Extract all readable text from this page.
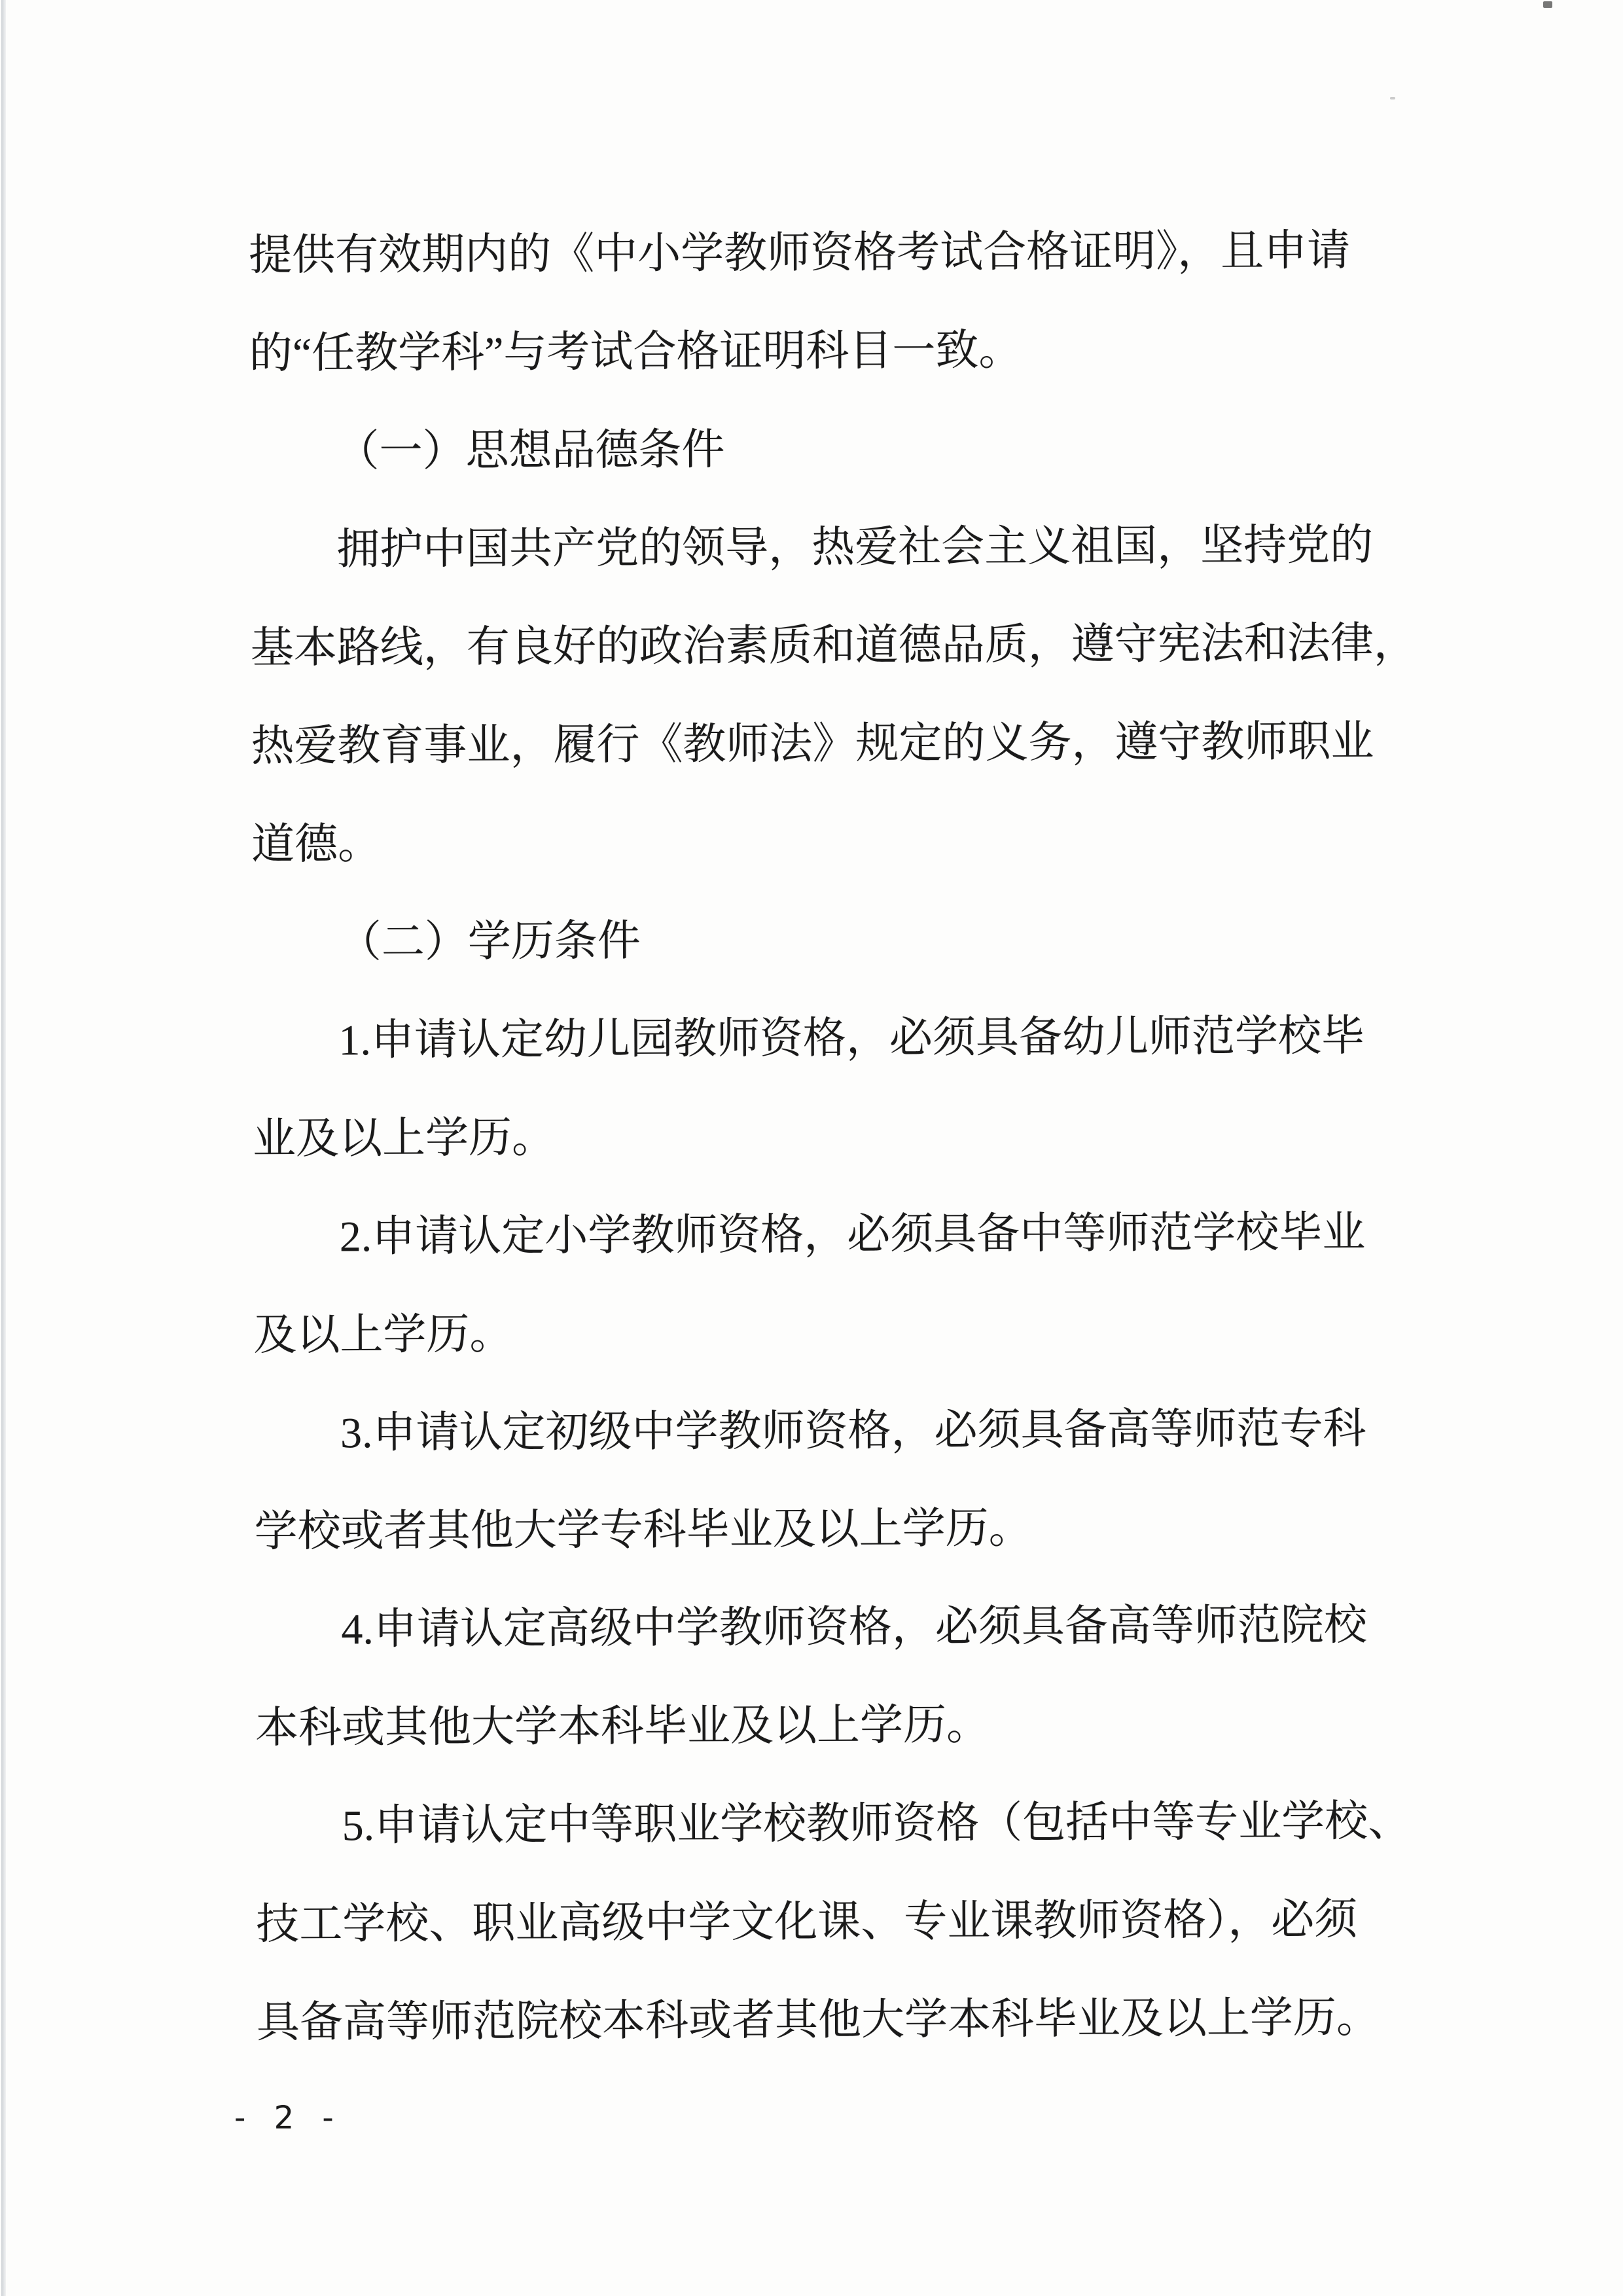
提供有效期内的《中小学教师资格考试合格证明》，且申请
的“任教学科”与考试合格证明科目一致。
（一）思想品德条件
拥护中国共产党的领导，热爱社会主义祖国，坚持党的
基本路线，有良好的政治素质和道德品质，遵守宪法和法律，
热爱教育事业，履行《教师法》规定的义务，遵守教师职业
道德。
（二）学历条件
1.申请认定幼儿园教师资格，必须具备幼儿师范学校毕
业及以上学历。
2.申请认定小学教师资格，必须具备中等师范学校毕业
及以上学历。
3.申请认定初级中学教师资格，必须具备高等师范专科
学校或者其他大学专科毕业及以上学历。
4.申请认定高级中学教师资格，必须具备高等师范院校
本科或其他大学本科毕业及以上学历。
5.申请认定中等职业学校教师资格（包括中等专业学校、
技工学校、职业高级中学文化课、专业课教师资格），必须
具备高等师范院校本科或者其他大学本科毕业及以上学历。
- 2 -
